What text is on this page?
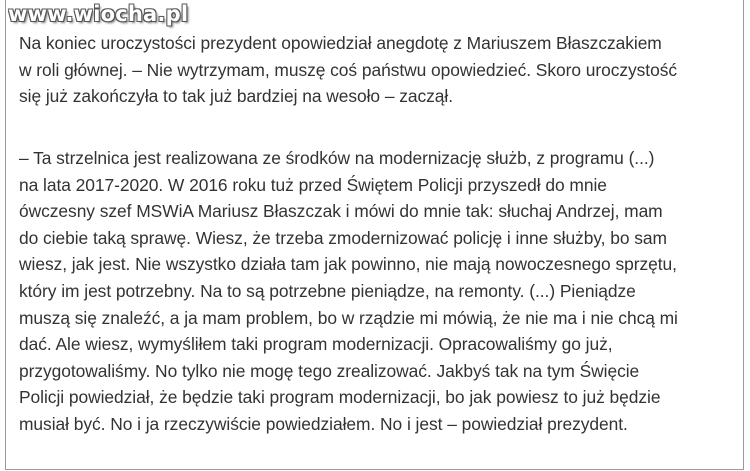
www.wiocha.pl

Na koniec uroczystości prezydent opowiedział anegdotę z Mariuszem Błaszczakiem

w roli głównej. – Nie wytrzymam, muszę coś państwu opowiedzieć. Skoro uroczystość

się już zakończyła to tak już bardziej na wesoło – zaczął.

– Ta strzelnica jest realizowana ze środków na modernizację służb, z programu (...)

na lata 2017-2020. W 2016 roku tuż przed Świętem Policji przyszedł do mnie

ówczesny szef MSWiA Mariusz Błaszczak i mówi do mnie tak: słuchaj Andrzej, mam

do ciebie taką sprawę. Wiesz, że trzeba zmodernizować policję i inne służby, bo sam

wiesz, jak jest. Nie wszystko działa tam jak powinno, nie mają nowoczesnego sprzętu,

który im jest potrzebny. Na to są potrzebne pieniądze, na remonty. (...) Pieniądze

muszą się znaleźć, a ja mam problem, bo w rządzie mi mówią, że nie ma i nie chcą mi

dać. Ale wiesz, wymyśliłem taki program modernizacji. Opracowaliśmy go już,

przygotowaliśmy. No tylko nie mogę tego zrealizować. Jakbyś tak na tym Święcie

Policji powiedział, że będzie taki program modernizacji, bo jak powiesz to już będzie

musiał być. No i ja rzeczywiście powiedziałem. No i jest – powiedział prezydent.
